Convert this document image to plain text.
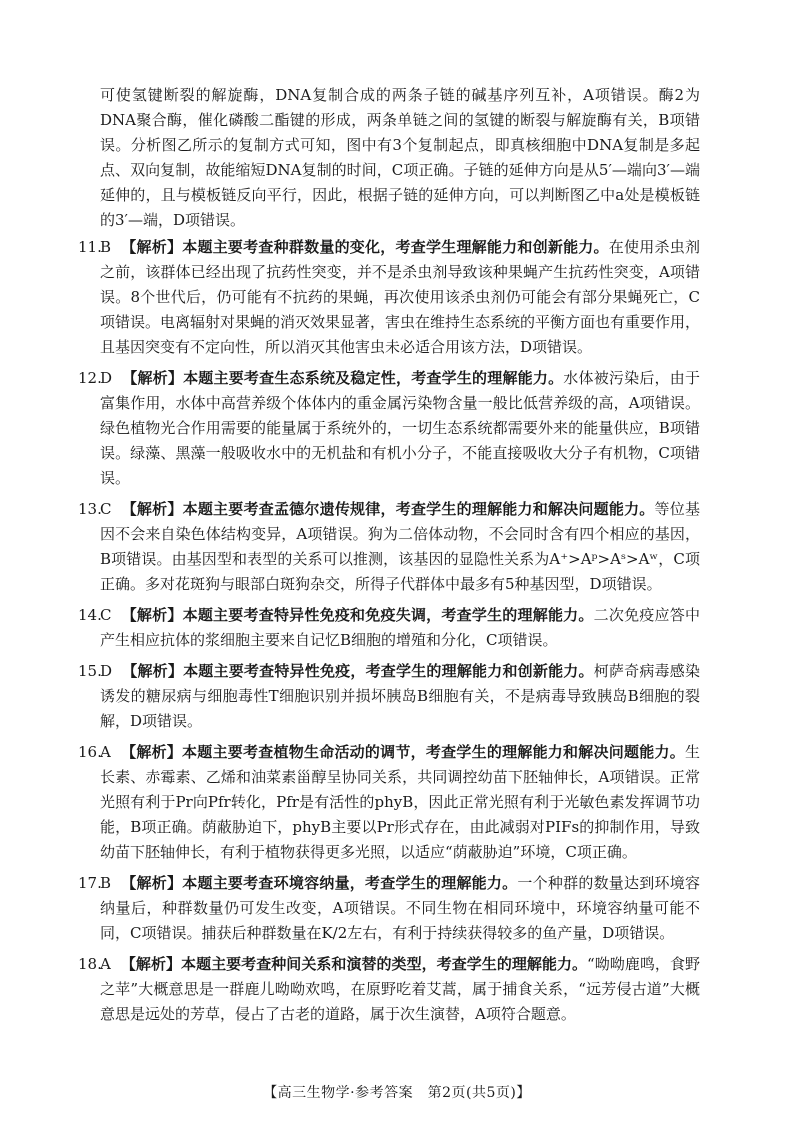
可使氢键断裂的解旋酶，DNA复制合成的两条子链的碱基序列互补，A项错误。酶2为DNA聚合酶，催化磷酸二酯键的形成，两条单链之间的氢键的断裂与解旋酶有关，B项错误。分析图乙所示的复制方式可知，图中有3个复制起点，即真核细胞中DNA复制是多起点、双向复制，故能缩短DNA复制的时间，C项正确。子链的延伸方向是从5′—端向3′—端延伸的，且与模板链反向平行，因此，根据子链的延伸方向，可以判断图乙中a处是模板链的3′—端，D项错误。
11.
B 【解析】本题主要考查种群数量的变化，考查学生理解能力和创新能力。在使用杀虫剂之前，该群体已经出现了抗药性突变，并不是杀虫剂导致该种果蝇产生抗药性突变，A项错误。8个世代后，仍可能有不抗药的果蝇，再次使用该杀虫剂仍可能会有部分果蝇死亡，C项错误。电离辐射对果蝇的消灭效果显著，害虫在维持生态系统的平衡方面也有重要作用，且基因突变有不定向性，所以消灭其他害虫未必适合用该方法，D项错误。
12.
D 【解析】本题主要考查生态系统及稳定性，考查学生的理解能力。水体被污染后，由于富集作用，水体中高营养级个体体内的重金属污染物含量一般比低营养级的高，A项错误。绿色植物光合作用需要的能量属于系统外的，一切生态系统都需要外来的能量供应，B项错误。绿藻、黑藻一般吸收水中的无机盐和有机小分子，不能直接吸收大分子有机物，C项错误。
13.
C 【解析】本题主要考查孟德尔遗传规律，考查学生的理解能力和解决问题能力。等位基因不会来自染色体结构变异，A项错误。狗为二倍体动物，不会同时含有四个相应的基因，B项错误。由基因型和表型的关系可以推测，该基因的显隐性关系为A⁺>Aᵖ>Aˢ>Aʷ，C项正确。多对花斑狗与眼部白斑狗杂交，所得子代群体中最多有5种基因型，D项错误。
14.
C 【解析】本题主要考查特异性免疫和免疫失调，考查学生的理解能力。二次免疫应答中产生相应抗体的浆细胞主要来自记忆B细胞的增殖和分化，C项错误。
15.
D 【解析】本题主要考查特异性免疫，考查学生的理解能力和创新能力。柯萨奇病毒感染诱发的糖尿病与细胞毒性T细胞识别并损坏胰岛B细胞有关，不是病毒导致胰岛B细胞的裂解，D项错误。
16.
A 【解析】本题主要考查植物生命活动的调节，考查学生的理解能力和解决问题能力。生长素、赤霉素、乙烯和油菜素甾醇呈协同关系，共同调控幼苗下胚轴伸长，A项错误。正常光照有利于Pr向Pfr转化，Pfr是有活性的phyB，因此正常光照有利于光敏色素发挥调节功能，B项正确。荫蔽胁迫下，phyB主要以Pr形式存在，由此减弱对PIFs的抑制作用，导致幼苗下胚轴伸长，有利于植物获得更多光照，以适应“荫蔽胁迫”环境，C项正确。
17.
B 【解析】本题主要考查环境容纳量，考查学生的理解能力。一个种群的数量达到环境容纳量后，种群数量仍可发生改变，A项错误。不同生物在相同环境中，环境容纳量可能不同，C项错误。捕获后种群数量在K/2左右，有利于持续获得较多的鱼产量，D项错误。
18.
A 【解析】本题主要考查种间关系和演替的类型，考查学生的理解能力。“呦呦鹿鸣，食野之苹”大概意思是一群鹿儿呦呦欢鸣，在原野吃着艾蒿，属于捕食关系，“远芳侵古道”大概意思是远处的芳草，侵占了古老的道路，属于次生演替，A项符合题意。
【高三生物学·参考答案　第2页(共5页)】
